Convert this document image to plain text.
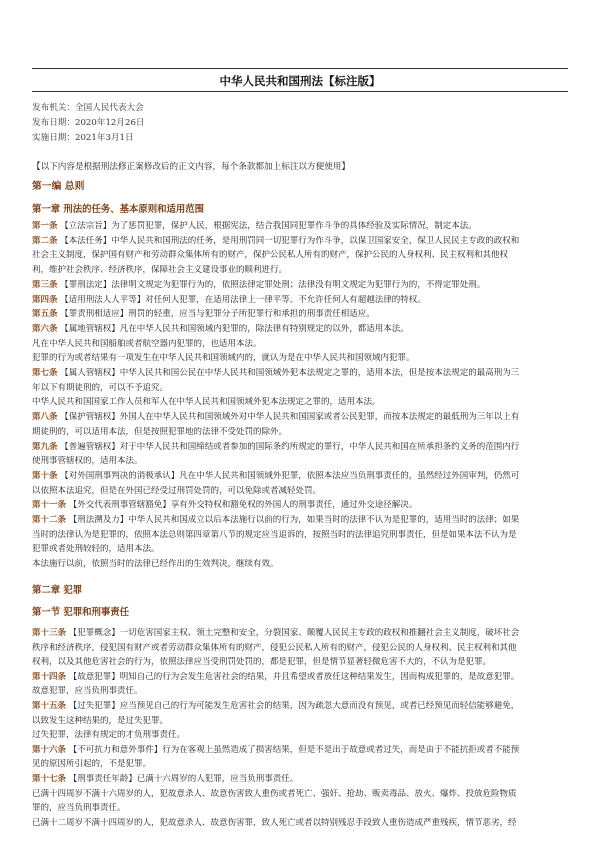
中华人民共和国刑法【标注版】
发布机关：全国人民代表大会
发布日期：2020年12月26日
实施日期：2021年3月1日
【以下内容是根据刑法修正案修改后的正文内容，每个条款都加上标注以方便使用】
第一编 总则
第一章 刑法的任务、基本原则和适用范围
第一条 【立法宗旨】为了惩罚犯罪，保护人民，根据宪法，结合我国同犯罪作斗争的具体经验及实际情况，制定本法。
第二条 【本法任务】中华人民共和国刑法的任务，是用刑罚同一切犯罪行为作斗争，以保卫国家安全，保卫人民民主专政的政权和
社会主义制度，保护国有财产和劳动群众集体所有的财产，保护公民私人所有的财产，保护公民的人身权利、民主权利和其他权
利，维护社会秩序、经济秩序，保障社会主义建设事业的顺利进行。
第三条 【罪刑法定】法律明文规定为犯罪行为的，依照法律定罪处刑；法律没有明文规定为犯罪行为的，不得定罪处刑。
第四条 【适用刑法人人平等】对任何人犯罪，在适用法律上一律平等。不允许任何人有超越法律的特权。
第五条 【罪责刑相适应】刑罚的轻重，应当与犯罪分子所犯罪行和承担的刑事责任相适应。
第六条 【属地管辖权】凡在中华人民共和国领域内犯罪的，除法律有特别规定的以外，都适用本法。
凡在中华人民共和国船舶或者航空器内犯罪的，也适用本法。
犯罪的行为或者结果有一项发生在中华人民共和国领域内的，就认为是在中华人民共和国领域内犯罪。
第七条 【属人管辖权】中华人民共和国公民在中华人民共和国领域外犯本法规定之罪的，适用本法，但是按本法规定的最高刑为三
年以下有期徒刑的，可以不予追究。
中华人民共和国国家工作人员和军人在中华人民共和国领域外犯本法规定之罪的，适用本法。
第八条 【保护管辖权】外国人在中华人民共和国领域外对中华人民共和国国家或者公民犯罪，而按本法规定的最低刑为三年以上有
期徒刑的，可以适用本法，但是按照犯罪地的法律不受处罚的除外。
第九条 【普遍管辖权】对于中华人民共和国缔结或者参加的国际条约所规定的罪行，中华人民共和国在所承担条约义务的范围内行
使刑事管辖权的，适用本法。
第十条 【对外国刑事判决的消极承认】凡在中华人民共和国领域外犯罪，依照本法应当负刑事责任的，虽然经过外国审判，仍然可
以依照本法追究，但是在外国已经受过刑罚处罚的，可以免除或者减轻处罚。
第十一条 【外交代表刑事管辖豁免】享有外交特权和豁免权的外国人的刑事责任，通过外交途径解决。
第十二条 【刑法溯及力】中华人民共和国成立以后本法施行以前的行为，如果当时的法律不认为是犯罪的，适用当时的法律；如果
当时的法律认为是犯罪的，依照本法总则第四章第八节的规定应当追诉的，按照当时的法律追究刑事责任，但是如果本法不认为是
犯罪或者处刑较轻的，适用本法。
本法施行以前，依照当时的法律已经作出的生效判决，继续有效。
第二章 犯罪
第一节 犯罪和刑事责任
第十三条 【犯罪概念】一切危害国家主权、领土完整和安全，分裂国家、颠覆人民民主专政的政权和推翻社会主义制度，破坏社会
秩序和经济秩序，侵犯国有财产或者劳动群众集体所有的财产，侵犯公民私人所有的财产，侵犯公民的人身权利、民主权利和其他
权利，以及其他危害社会的行为，依照法律应当受刑罚处罚的，都是犯罪，但是情节显著轻微危害不大的，不认为是犯罪。
第十四条 【故意犯罪】明知自己的行为会发生危害社会的结果，并且希望或者放任这种结果发生，因而构成犯罪的，是故意犯罪。
故意犯罪，应当负刑事责任。
第十五条 【过失犯罪】应当预见自己的行为可能发生危害社会的结果，因为疏忽大意而没有预见，或者已经预见而轻信能够避免，
以致发生这种结果的，是过失犯罪。
过失犯罪，法律有规定的才负刑事责任。
第十六条 【不可抗力和意外事件】行为在客观上虽然造成了损害结果，但是不是出于故意或者过失，而是由于不能抗拒或者不能预
见的原因所引起的，不是犯罪。
第十七条 【刑事责任年龄】已满十六周岁的人犯罪，应当负刑事责任。
已满十四周岁不满十六周岁的人，犯故意杀人、故意伤害致人重伤或者死亡、强奸、抢劫、贩卖毒品、放火、爆炸、投放危险物质
罪的，应当负刑事责任。
已满十二周岁不满十四周岁的人，犯故意杀人、故意伤害罪，致人死亡或者以特别残忍手段致人重伤造成严重残疾，情节恶劣，经
